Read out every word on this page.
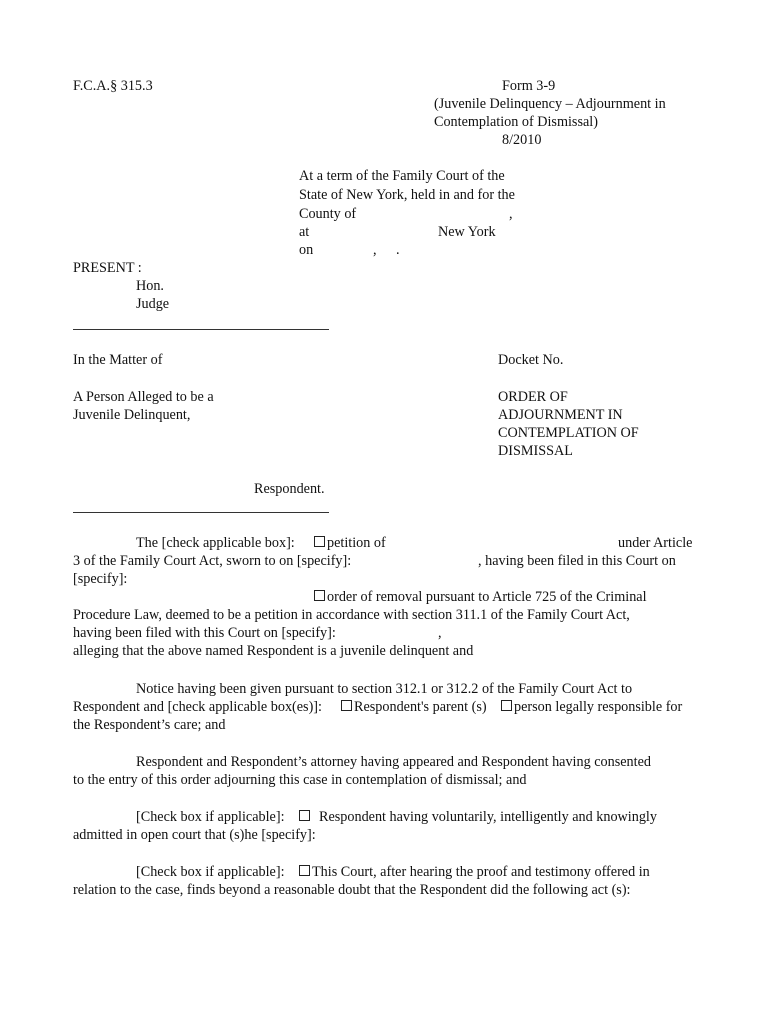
F.C.A.§ 315.3	Form 3-9
(Juvenile Delinquency – Adjournment in
Contemplation of Dismissal)
8/2010
At a term of the Family Court of the
State of New York, held in and for the
County of	,
at	New York
on	, .
PRESENT :
Hon.
Judge
In the Matter of
A Person Alleged to be a
Juvenile Delinquent,
Respondent.
Docket No.
ORDER OF
ADJOURNMENT IN
CONTEMPLATION OF
DISMISSAL
The [check applicable box]:	petition of	under Article
3 of the Family Court Act, sworn to on [specify]:	, having been filed in this Court on
[specify]:
order of removal pursuant to Article 725 of the Criminal
Procedure Law, deemed to be a petition in accordance with section 311.1 of the Family Court Act,
having been filed with this Court on [specify]:	,
alleging that the above named Respondent is a juvenile delinquent and
Notice having been given pursuant to section 312.1 or 312.2 of the Family Court Act to
Respondent and [check applicable box(es)]:	Respondent's parent (s)	person legally responsible for
the Respondent’s care; and
Respondent and Respondent’s attorney having appeared and Respondent having consented
to the entry of this order adjourning this case in contemplation of dismissal; and
[Check box if applicable]: Respondent having voluntarily, intelligently and knowingly
admitted in open court that (s)he [specify]:
[Check box if applicable]:	This Court, after hearing the proof and testimony offered in
relation to the case, finds beyond a reasonable doubt that the Respondent did the following act (s):
